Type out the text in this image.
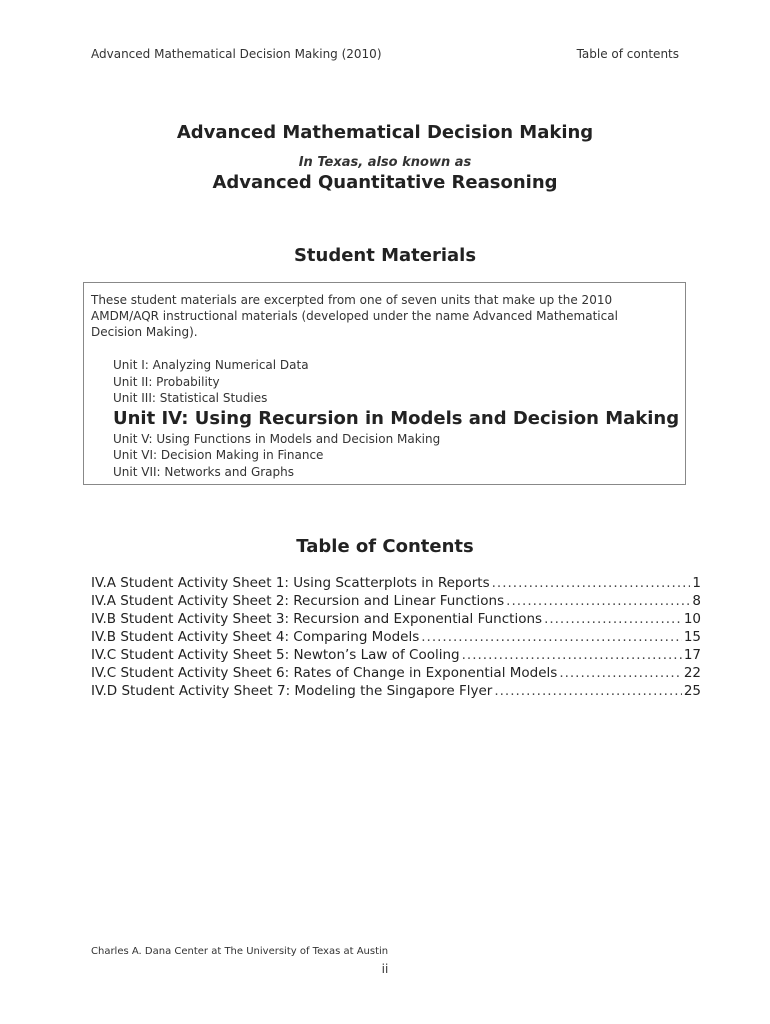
Advanced Mathematical Decision Making (2010)	Table of contents
Advanced Mathematical Decision Making
In Texas, also known as
Advanced Quantitative Reasoning
Student Materials
These student materials are excerpted from one of seven units that make up the 2010 AMDM/AQR instructional materials (developed under the name Advanced Mathematical Decision Making).
Unit I: Analyzing Numerical Data
Unit II: Probability
Unit III: Statistical Studies
Unit IV: Using Recursion in Models and Decision Making
Unit V: Using Functions in Models and Decision Making
Unit VI: Decision Making in Finance
Unit VII: Networks and Graphs
Table of Contents
IV.A Student Activity Sheet 1: Using Scatterplots in Reports .....	1
IV.A Student Activity Sheet 2: Recursion and Linear Functions .....	8
IV.B Student Activity Sheet 3: Recursion and Exponential Functions .....	10
IV.B Student Activity Sheet 4: Comparing Models .....	15
IV.C Student Activity Sheet 5: Newton’s Law of Cooling .....	17
IV.C Student Activity Sheet 6: Rates of Change in Exponential Models .....	22
IV.D Student Activity Sheet 7: Modeling the Singapore Flyer .....	25
Charles A. Dana Center at The University of Texas at Austin
ii
